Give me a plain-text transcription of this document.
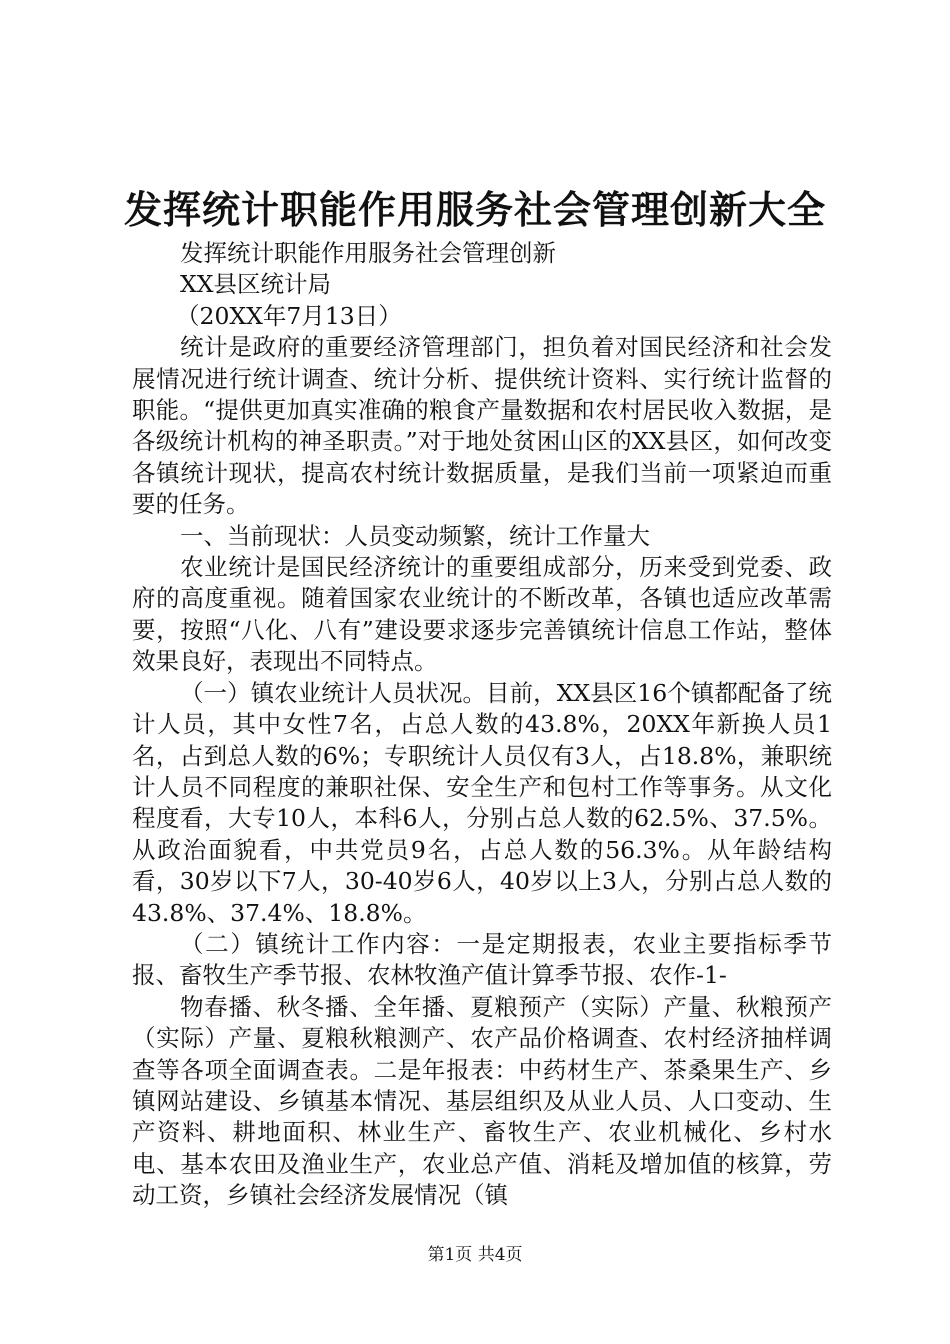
发挥统计职能作用服务社会管理创新大全

发挥统计职能作用服务社会管理创新

XX县区统计局

（20XX年7月13日）

统计是政府的重要经济管理部门，担负着对国民经济和社会发展情况进行统计调查、统计分析、提供统计资料、实行统计监督的职能。“提供更加真实准确的粮食产量数据和农村居民收入数据，是各级统计机构的神圣职责。”对于地处贫困山区的XX县区，如何改变各镇统计现状，提高农村统计数据质量，是我们当前一项紧迫而重要的任务。

一、当前现状：人员变动频繁，统计工作量大

农业统计是国民经济统计的重要组成部分，历来受到党委、政府的高度重视。随着国家农业统计的不断改革，各镇也适应改革需要，按照“八化、八有”建设要求逐步完善镇统计信息工作站，整体效果良好，表现出不同特点。

（一）镇农业统计人员状况。目前，XX县区16个镇都配备了统计人员，其中女性7名，占总人数的43.8%，20XX年新换人员1名，占到总人数的6%；专职统计人员仅有3人，占18.8%，兼职统计人员不同程度的兼职社保、安全生产和包村工作等事务。从文化程度看，大专10人，本科6人，分别占总人数的62.5%、37.5%。从政治面貌看，中共党员9名，占总人数的56.3%。从年龄结构看，30岁以下7人，30-40岁6人，40岁以上3人，分别占总人数的43.8%、37.4%、18.8%。

（二）镇统计工作内容：一是定期报表，农业主要指标季节报、畜牧生产季节报、农林牧渔产值计算季节报、农作-1-

物春播、秋冬播、全年播、夏粮预产（实际）产量、秋粮预产（实际）产量、夏粮秋粮测产、农产品价格调查、农村经济抽样调查等各项全面调查表。二是年报表：中药材生产、茶桑果生产、乡镇网站建设、乡镇基本情况、基层组织及从业人员、人口变动、生产资料、耕地面积、林业生产、畜牧生产、农业机械化、乡村水电、基本农田及渔业生产，农业总产值、消耗及增加值的核算，劳动工资，乡镇社会经济发展情况（镇

第1页 共4页
